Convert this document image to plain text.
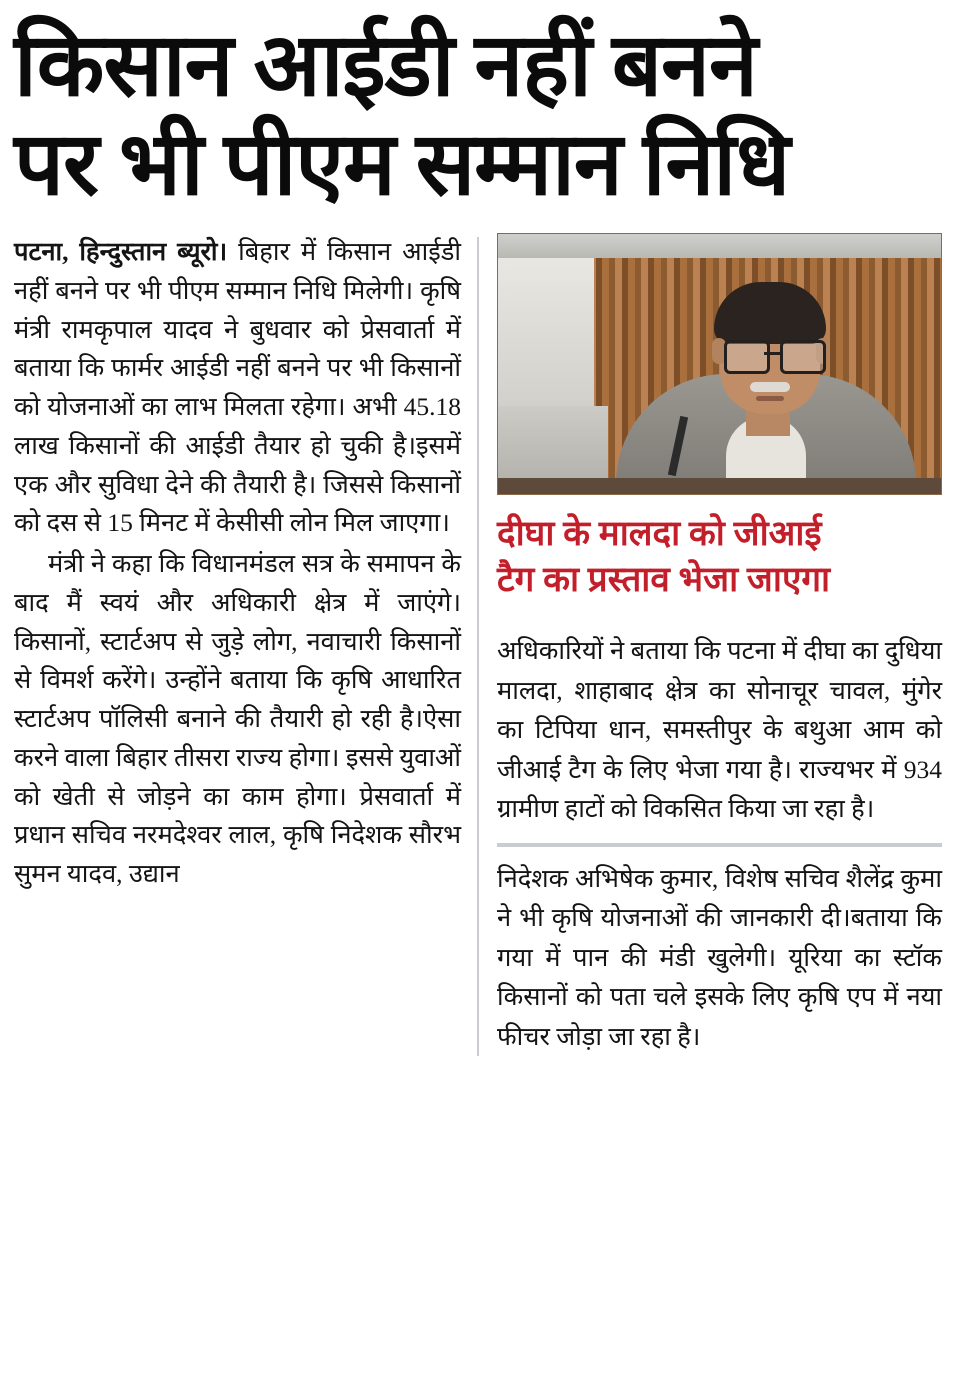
किसान आईडी नहीं बनने
पर भी पीएम सम्मान निधि

पटना, हिन्दुस्तान ब्यूरो। बिहार में किसान आईडी नहीं बनने पर भी पीएम सम्मान निधि मिलेगी। कृषि मंत्री रामकृपाल यादव ने बुधवार को प्रेसवार्ता में बताया कि फार्मर आईडी नहीं बनने पर भी किसानों को योजनाओं का लाभ मिलता रहेगा। अभी 45.18 लाख किसानों की आईडी तैयार हो चुकी है।इसमें एक और सुविधा देने की तैयारी है। जिससे किसानों को दस से 15 मिनट में केसीसी लोन मिल जाएगा।

मंत्री ने कहा कि विधानमंडल सत्र के समापन के बाद मैं स्वयं और अधिकारी क्षेत्र में जाएंगे। किसानों, स्टार्टअप से जुड़े लोग, नवाचारी किसानों से विमर्श करेंगे। उन्होंने बताया कि कृषि आधारित स्टार्टअप पॉलिसी बनाने की तैयारी हो रही है।ऐसा करने वाला बिहार तीसरा राज्य होगा। इससे युवाओं को खेती से जोड़ने का काम होगा। प्रेसवार्ता में प्रधान सचिव नरमदेश्वर लाल, कृषि निदेशक सौरभ सुमन यादव, उद्यान

दीघा के मालदा को जीआई
टैग का प्रस्ताव भेजा जाएगा
अधिकारियों ने बताया कि पटना में दीघा का दुधिया मालदा, शाहाबाद क्षेत्र का सोनाचूर चावल, मुंगेर का टिपिया धान, समस्तीपुर के बथुआ आम को जीआई टैग के लिए भेजा गया है। राज्यभर में 934 ग्रामीण हाटों को विकसित किया जा रहा है।
निदेशक अभिषेक कुमार, विशेष सचिव शैलेंद्र कुमा ने भी कृषि योजनाओं की जानकारी दी।बताया कि गया में पान की मंडी खुलेगी। यूरिया का स्टॉक किसानों को पता चले इसके लिए कृषि एप में नया फीचर जोड़ा जा रहा है।
